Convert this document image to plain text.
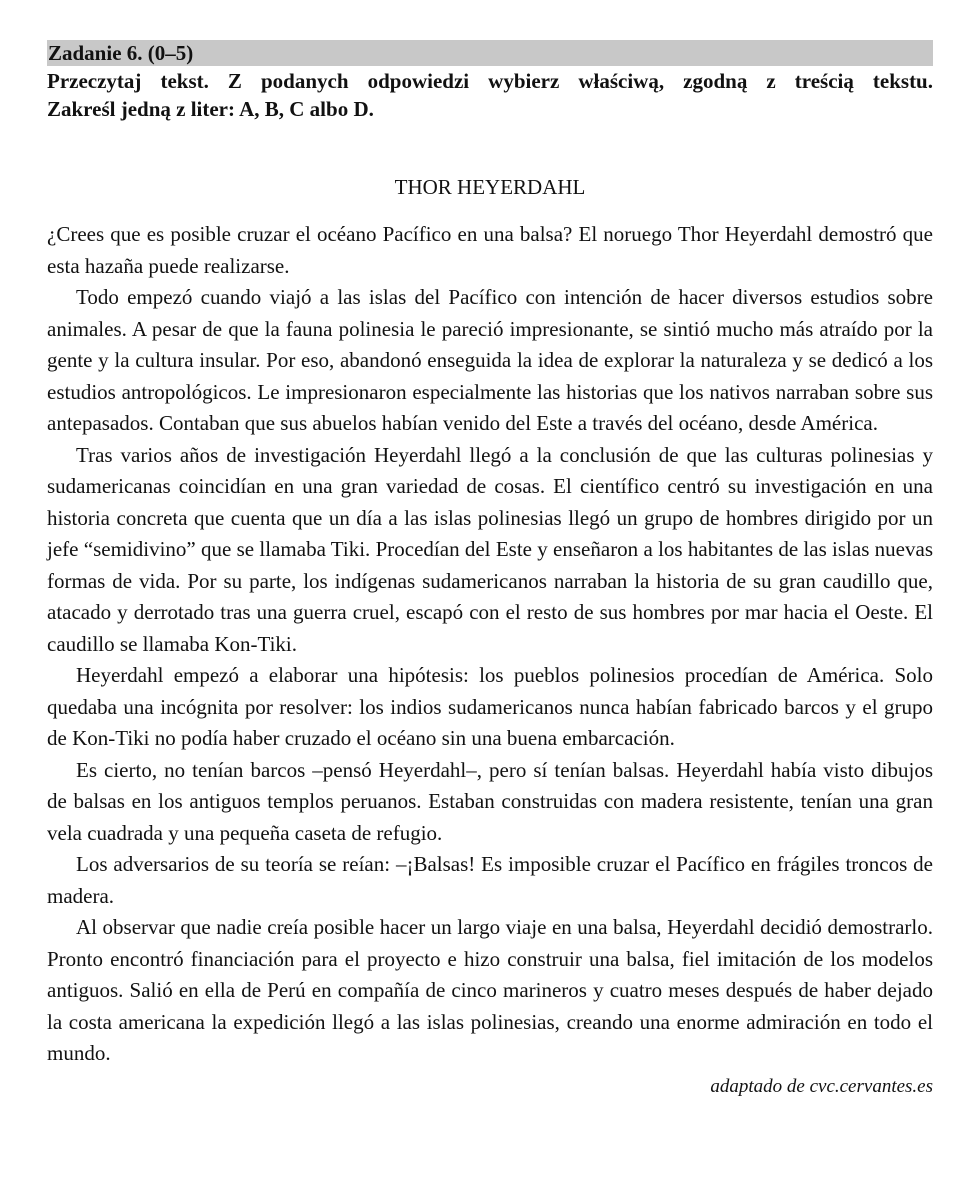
Zadanie 6. (0–5)
Przeczytaj tekst. Z podanych odpowiedzi wybierz właściwą, zgodną z treścią tekstu.
Zakreśl jedną z liter: A, B, C albo D.
THOR HEYERDAHL

¿Crees que es posible cruzar el océano Pacífico en una balsa? El noruego Thor Heyerdahl demostró que esta hazaña puede realizarse.

Todo empezó cuando viajó a las islas del Pacífico con intención de hacer diversos estudios sobre animales. A pesar de que la fauna polinesia le pareció impresionante, se sintió mucho más atraído por la gente y la cultura insular. Por eso, abandonó enseguida la idea de explorar la naturaleza y se dedicó a los estudios antropológicos. Le impresionaron especialmente las historias que los nativos narraban sobre sus antepasados. Contaban que sus abuelos habían venido del Este a través del océano, desde América.

Tras varios años de investigación Heyerdahl llegó a la conclusión de que las culturas polinesias y sudamericanas coincidían en una gran variedad de cosas. El científico centró su investigación en una historia concreta que cuenta que un día a las islas polinesias llegó un grupo de hombres dirigido por un jefe “semidivino” que se llamaba Tiki. Procedían del Este y enseñaron a los habitantes de las islas nuevas formas de vida. Por su parte, los indígenas sudamericanos narraban la historia de su gran caudillo que, atacado y derrotado tras una guerra cruel, escapó con el resto de sus hombres por mar hacia el Oeste. El caudillo se llamaba Kon-Tiki.

Heyerdahl empezó a elaborar una hipótesis: los pueblos polinesios procedían de América. Solo quedaba una incógnita por resolver: los indios sudamericanos nunca habían fabricado barcos y el grupo de Kon-Tiki no podía haber cruzado el océano sin una buena embarcación.

Es cierto, no tenían barcos –pensó Heyerdahl–, pero sí tenían balsas. Heyerdahl había visto dibujos de balsas en los antiguos templos peruanos. Estaban construidas con madera resistente, tenían una gran vela cuadrada y una pequeña caseta de refugio.

Los adversarios de su teoría se reían: –¡Balsas! Es imposible cruzar el Pacífico en frágiles troncos de madera.

Al observar que nadie creía posible hacer un largo viaje en una balsa, Heyerdahl decidió demostrarlo. Pronto encontró financiación para el proyecto e hizo construir una balsa, fiel imitación de los modelos antiguos. Salió en ella de Perú en compañía de cinco marineros y cuatro meses después de haber dejado la costa americana la expedición llegó a las islas polinesias, creando una enorme admiración en todo el mundo.

adaptado de cvc.cervantes.es
